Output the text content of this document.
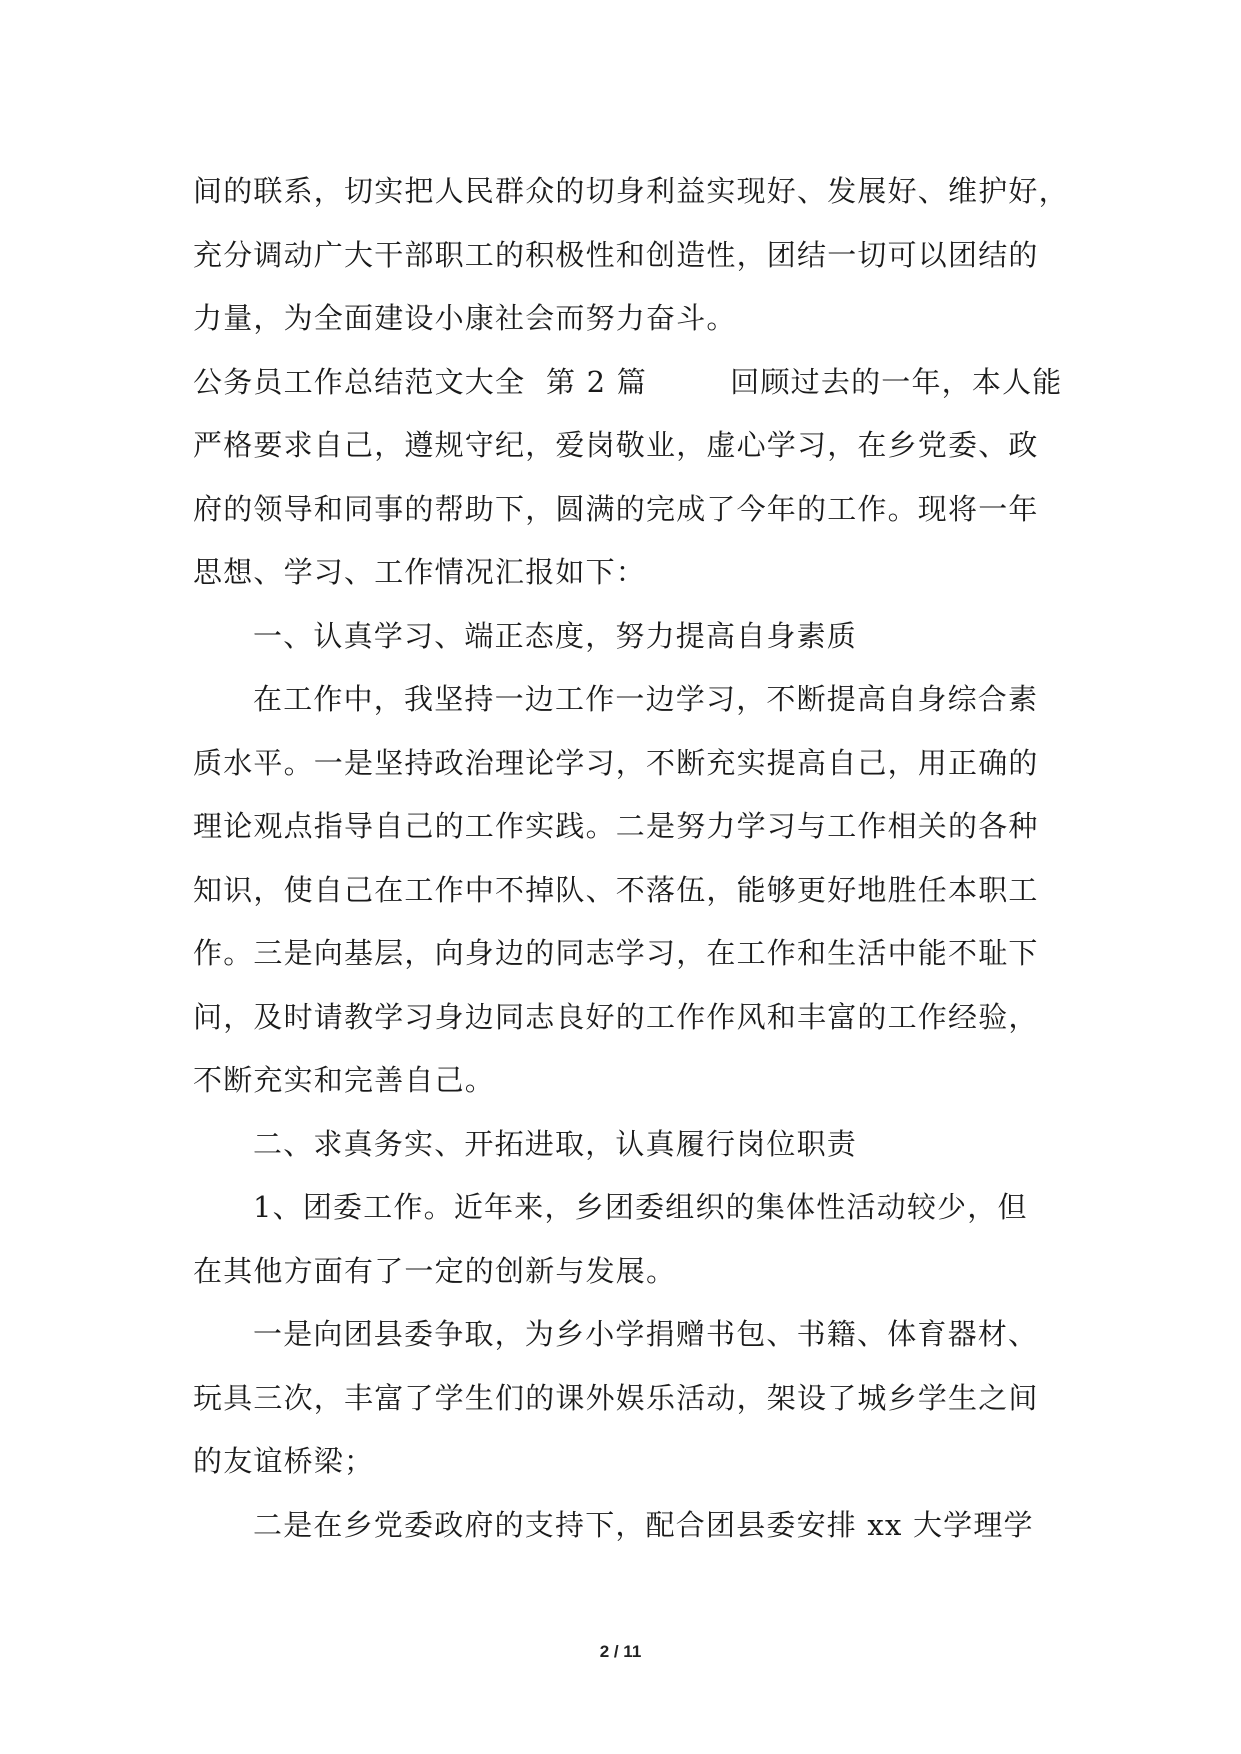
间的联系，切实把人民群众的切身利益实现好、发展好、维护好，
充分调动广大干部职工的积极性和创造性，团结一切可以团结的
力量，为全面建设小康社会而努力奋斗。
公务员工作总结范文大全  第 2 篇        回顾过去的一年，本人能
严格要求自己，遵规守纪，爱岗敬业，虚心学习，在乡党委、政
府的领导和同事的帮助下，圆满的完成了今年的工作。现将一年
思想、学习、工作情况汇报如下：
一、认真学习、端正态度，努力提高自身素质
在工作中，我坚持一边工作一边学习，不断提高自身综合素
质水平。一是坚持政治理论学习，不断充实提高自己，用正确的
理论观点指导自己的工作实践。二是努力学习与工作相关的各种
知识，使自己在工作中不掉队、不落伍，能够更好地胜任本职工
作。三是向基层，向身边的同志学习，在工作和生活中能不耻下
问，及时请教学习身边同志良好的工作作风和丰富的工作经验，
不断充实和完善自己。
二、求真务实、开拓进取，认真履行岗位职责
1、团委工作。近年来，乡团委组织的集体性活动较少，但
在其他方面有了一定的创新与发展。
一是向团县委争取，为乡小学捐赠书包、书籍、体育器材、
玩具三次，丰富了学生们的课外娱乐活动，架设了城乡学生之间
的友谊桥梁；
二是在乡党委政府的支持下，配合团县委安排 xx 大学理学
2 / 11
